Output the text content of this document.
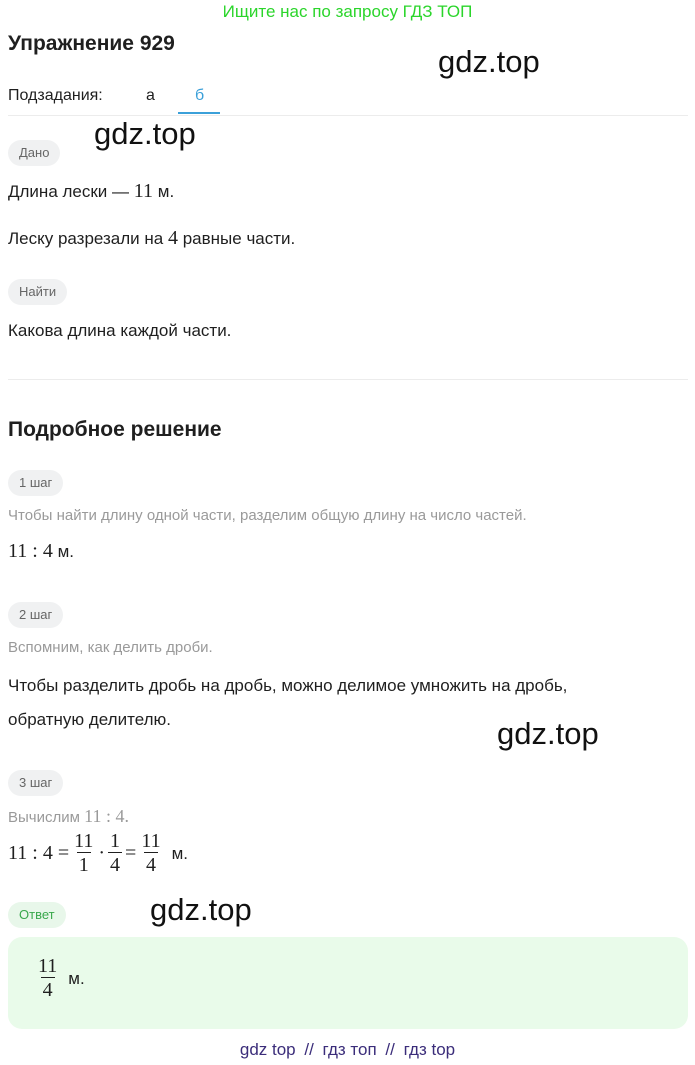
Ищите нас по запросу ГДЗ ТОП
Упражнение 929
gdz.top
Подзадания:	а	б
gdz.top
Дано
Длина лески — 11 м.
Леску разрезали на 4 равные части.
Найти
Какова длина каждой части.
Подробное решение
1 шаг
Чтобы найти длину одной части, разделим общую длину на число частей.
11 : 4 м.
2 шаг
Вспомним, как делить дроби.
Чтобы разделить дробь на дробь, можно делимое умножить на дробь,
обратную делителю.	gdz.top
3 шаг
Вычислим 11 : 4.
11 : $4 = \frac{11}{1} \cdot \frac{1}{4} = \frac{11}{4} м$.
Ответ	gdz.top
$\frac{11}{4} м$.
gdz top // гдз топ // гдз top
